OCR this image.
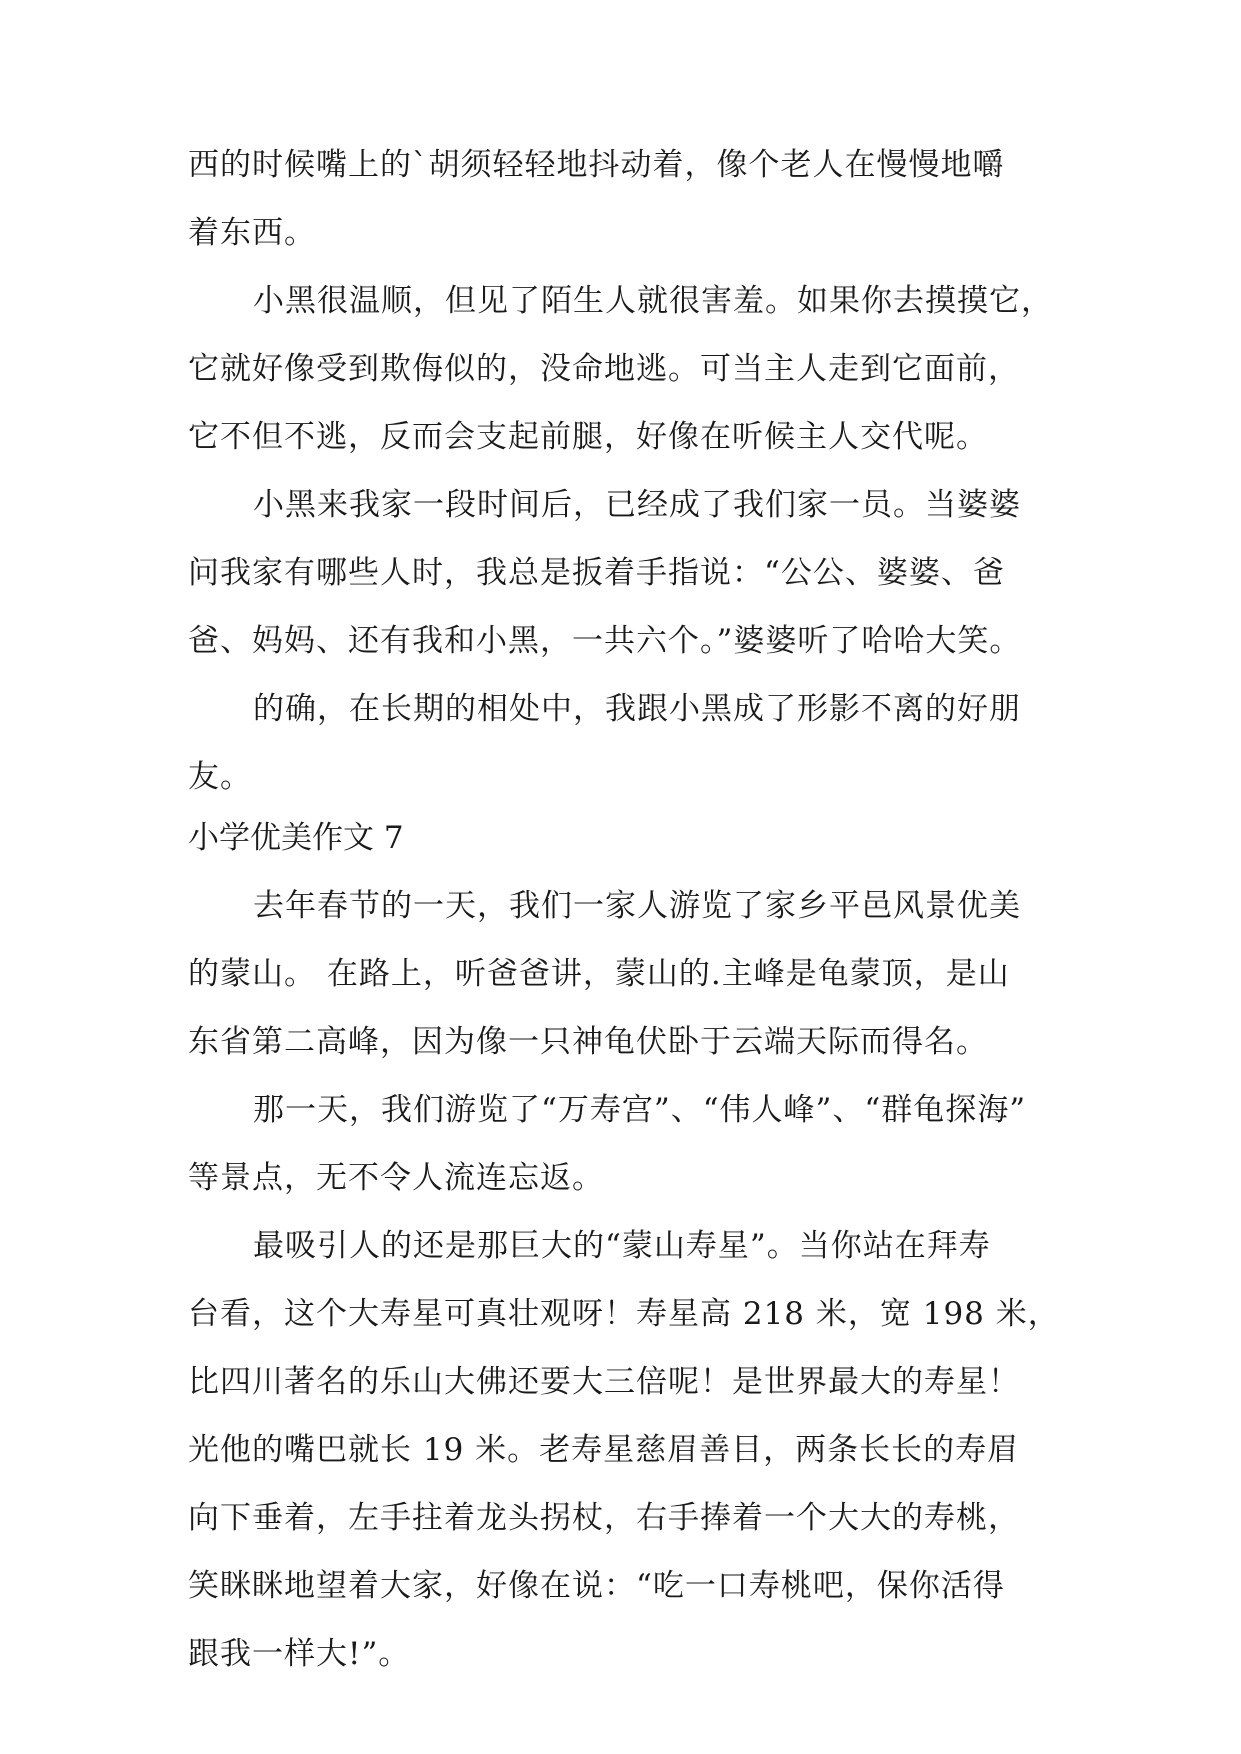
西的时候嘴上的`胡须轻轻地抖动着，像个老人在慢慢地嚼
着东西。
小黑很温顺，但见了陌生人就很害羞。如果你去摸摸它，
它就好像受到欺侮似的，没命地逃。可当主人走到它面前，
它不但不逃，反而会支起前腿，好像在听候主人交代呢。
小黑来我家一段时间后，已经成了我们家一员。当婆婆
问我家有哪些人时，我总是扳着手指说：“公公、婆婆、爸
爸、妈妈、还有我和小黑，一共六个。”婆婆听了哈哈大笑。
的确，在长期的相处中，我跟小黑成了形影不离的好朋
友。
小学优美作文 7
去年春节的一天，我们一家人游览了家乡平邑风景优美
的蒙山。 在路上，听爸爸讲，蒙山的.主峰是龟蒙顶，是山
东省第二高峰，因为像一只神龟伏卧于云端天际而得名。
那一天，我们游览了“万寿宫”、“伟人峰”、“群龟探海”
等景点，无不令人流连忘返。
最吸引人的还是那巨大的“蒙山寿星”。当你站在拜寿
台看，这个大寿星可真壮观呀！寿星高 218 米，宽 198 米，
比四川著名的乐山大佛还要大三倍呢！是世界最大的寿星！
光他的嘴巴就长 19 米。老寿星慈眉善目，两条长长的寿眉
向下垂着，左手拄着龙头拐杖，右手捧着一个大大的寿桃，
笑眯眯地望着大家，好像在说：“吃一口寿桃吧，保你活得
跟我一样大!”。
